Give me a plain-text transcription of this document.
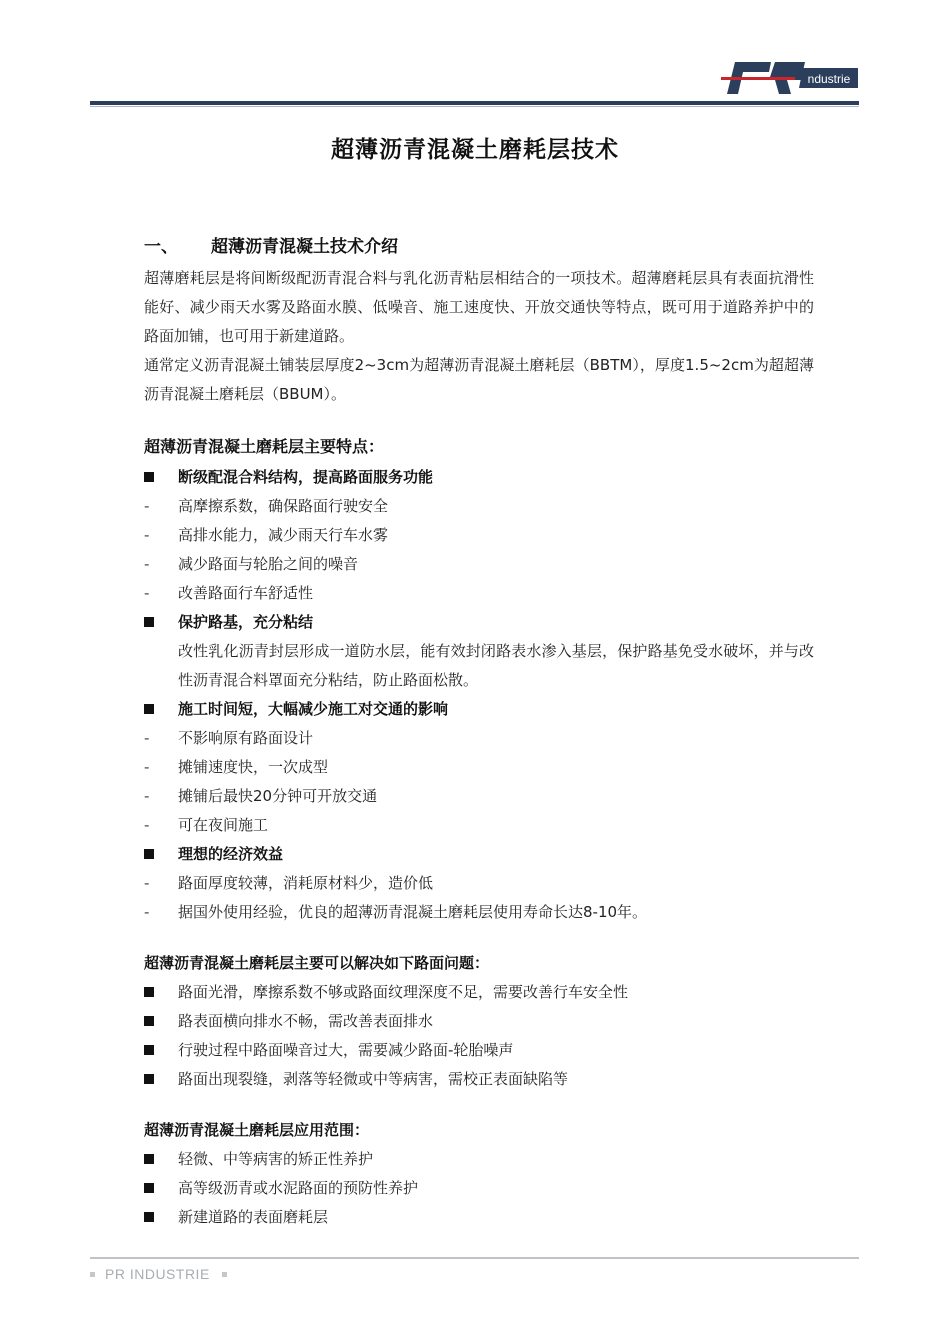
ndustrie
超薄沥青混凝土磨耗层技术
一、 超薄沥青混凝土技术介绍
超薄磨耗层是将间断级配沥青混合料与乳化沥青粘层相结合的一项技术。超薄磨耗层具有表面抗滑性能好、减少雨天水雾及路面水膜、低噪音、施工速度快、开放交通快等特点，既可用于道路养护中的路面加铺，也可用于新建道路。
通常定义沥青混凝土铺装层厚度2~3cm为超薄沥青混凝土磨耗层（BBTM），厚度1.5~2cm为超超薄沥青混凝土磨耗层（BBUM）。
超薄沥青混凝土磨耗层主要特点：
断级配混合料结构，提高路面服务功能
-	高摩擦系数，确保路面行驶安全
-	高排水能力，减少雨天行车水雾
-	减少路面与轮胎之间的噪音
-	改善路面行车舒适性
保护路基，充分粘结
改性乳化沥青封层形成一道防水层，能有效封闭路表水渗入基层，保护路基免受水破坏，并与改性沥青混合料罩面充分粘结，防止路面松散。
施工时间短，大幅减少施工对交通的影响
-	不影响原有路面设计
-	摊铺速度快，一次成型
-	摊铺后最快20分钟可开放交通
-	可在夜间施工
理想的经济效益
-	路面厚度较薄，消耗原材料少，造价低
-	据国外使用经验，优良的超薄沥青混凝土磨耗层使用寿命长达8-10年。
超薄沥青混凝土磨耗层主要可以解决如下路面问题：
路面光滑，摩擦系数不够或路面纹理深度不足，需要改善行车安全性
路表面横向排水不畅，需改善表面排水
行驶过程中路面噪音过大，需要减少路面-轮胎噪声
路面出现裂缝，剥落等轻微或中等病害，需校正表面缺陷等
超薄沥青混凝土磨耗层应用范围：
轻微、中等病害的矫正性养护
高等级沥青或水泥路面的预防性养护
新建道路的表面磨耗层
PR INDUSTRIE
